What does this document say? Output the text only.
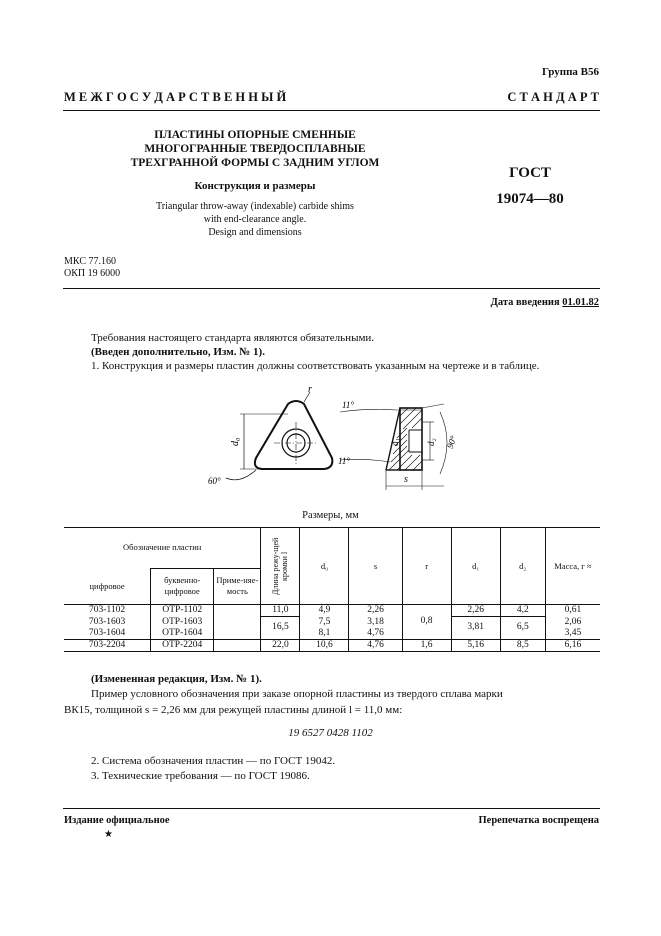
Группа В56
М Е Ж Г О С У Д А Р С Т В Е Н Н Ы Й	С Т А Н Д А Р Т
ПЛАСТИНЫ ОПОРНЫЕ СМЕННЫЕ
МНОГОГРАННЫЕ ТВЕРДОСПЛАВНЫЕ
ТРЕХГРАННОЙ ФОРМЫ С ЗАДНИМ УГЛОМ
Конструкция и размеры
Triangular throw-away (indexable) carbide shims
with end-clearance angle.
Design and dimensions
ГОСТ
19074—80
МКС 77.160
ОКП 19 6000
Дата введения 01.01.82
Требования настоящего стандарта являются обязательными.
(Введен дополнительно, Изм. № 1).
1. Конструкция и размеры пластин должны соответствовать указанным на чертеже и в таблице.
r
d₀
60°
11°
11°
d₁	d₂ 90°
s
Размеры, мм
Обозначение пластин			Длина режу-щей кромки l	d₀	s	r	d₁	d₂	Масса, г ≈
цифровое	буквенно-цифровое	Приме-няе-мость							
703-1102	OTP-1102		11,0	4,9	2,26	0,8	2,26	4,2	0,61
703-1603	OTP-1603		16,5	7,5	3,18		3,81	6,5	2,06
703-1604	OTP-1604			8,1	4,76				3,45
703-2204	OTP-2204		22,0	10,6	4,76	1,6	5,16	8,5	6,16
(Измененная редакция, Изм. № 1).
Пример условного обозначения при заказе опорной пластины из твердого сплава марки
ВК15, толщиной s = 2,26 мм для режущей пластины длиной l = 11,0 мм:
19 6527 0428 1102
2. Система обозначения пластин — по ГОСТ 19042.
3. Технические требования — по ГОСТ 19086.
Издание официальное	Перепечатка воспрещена
★
